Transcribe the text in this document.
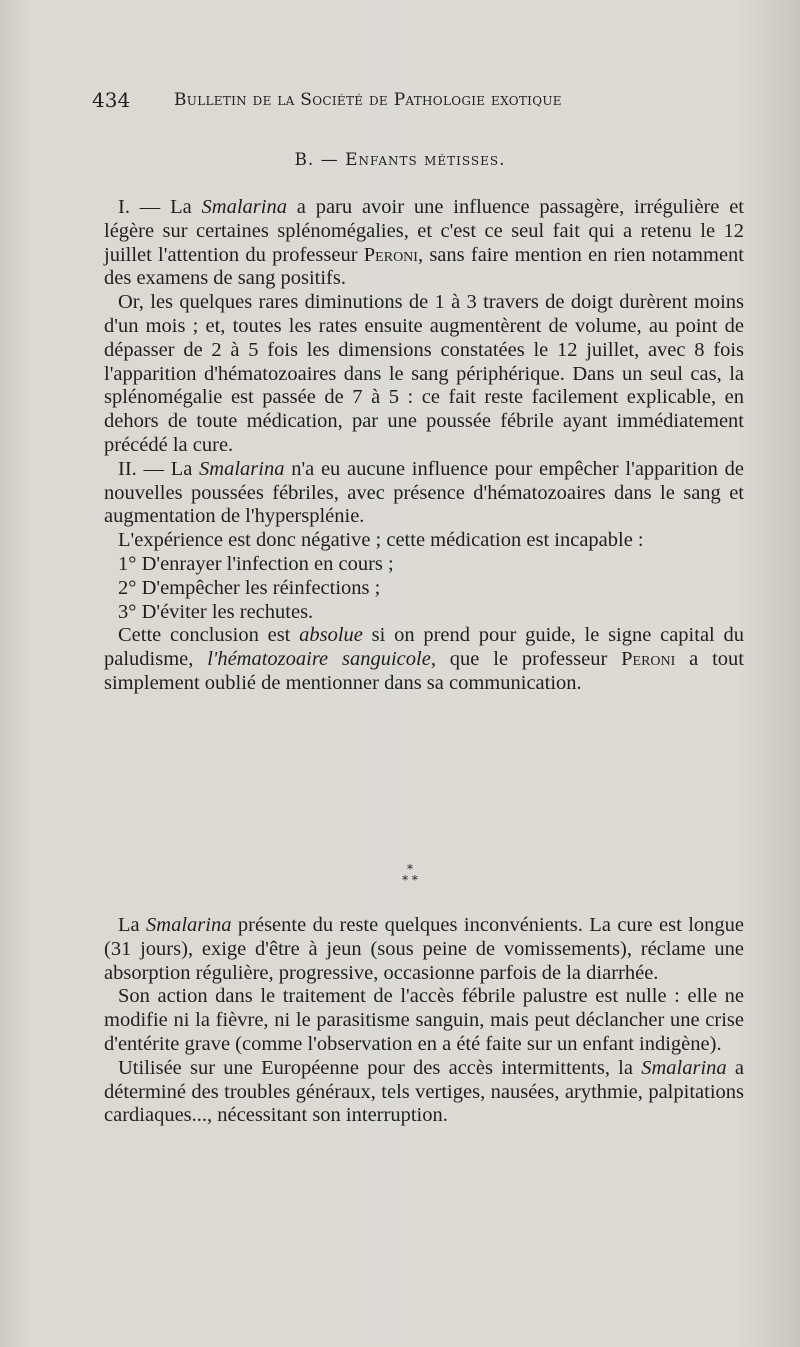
434	Bulletin de la Société de Pathologie exotique
B. — Enfants métisses.

I. — La Smalarina a paru avoir une influence passagère, irrégulière et légère sur certaines splénomégalies, et c'est ce seul fait qui a retenu le 12 juillet l'attention du professeur Peroni, sans faire mention en rien notamment des examens de sang positifs.

Or, les quelques rares diminutions de 1 à 3 travers de doigt durèrent moins d'un mois ; et, toutes les rates ensuite augmentèrent de volume, au point de dépasser de 2 à 5 fois les dimensions constatées le 12 juillet, avec 8 fois l'apparition d'hématozoaires dans le sang périphérique. Dans un seul cas, la splénomégalie est passée de 7 à 5 : ce fait reste facilement explicable, en dehors de toute médication, par une poussée fébrile ayant immédiatement précédé la cure.

II. — La Smalarina n'a eu aucune influence pour empêcher l'apparition de nouvelles poussées fébriles, avec présence d'hématozoaires dans le sang et augmentation de l'hypersplénie.

L'expérience est donc négative ; cette médication est incapable :

1° D'enrayer l'infection en cours ;

2° D'empêcher les réinfections ;

3° D'éviter les rechutes.

Cette conclusion est absolue si on prend pour guide, le signe capital du paludisme, l'hématozoaire sanguicole, que le professeur Peroni a tout simplement oublié de mentionner dans sa communication.

*
* *

La Smalarina présente du reste quelques inconvénients. La cure est longue (31 jours), exige d'être à jeun (sous peine de vomissements), réclame une absorption régulière, progressive, occasionne parfois de la diarrhée.

Son action dans le traitement de l'accès fébrile palustre est nulle : elle ne modifie ni la fièvre, ni le parasitisme sanguin, mais peut déclancher une crise d'entérite grave (comme l'observation en a été faite sur un enfant indigène).

Utilisée sur une Européenne pour des accès intermittents, la Smalarina a déterminé des troubles généraux, tels vertiges, nausées, arythmie, palpitations cardiaques..., nécessitant son interruption.
